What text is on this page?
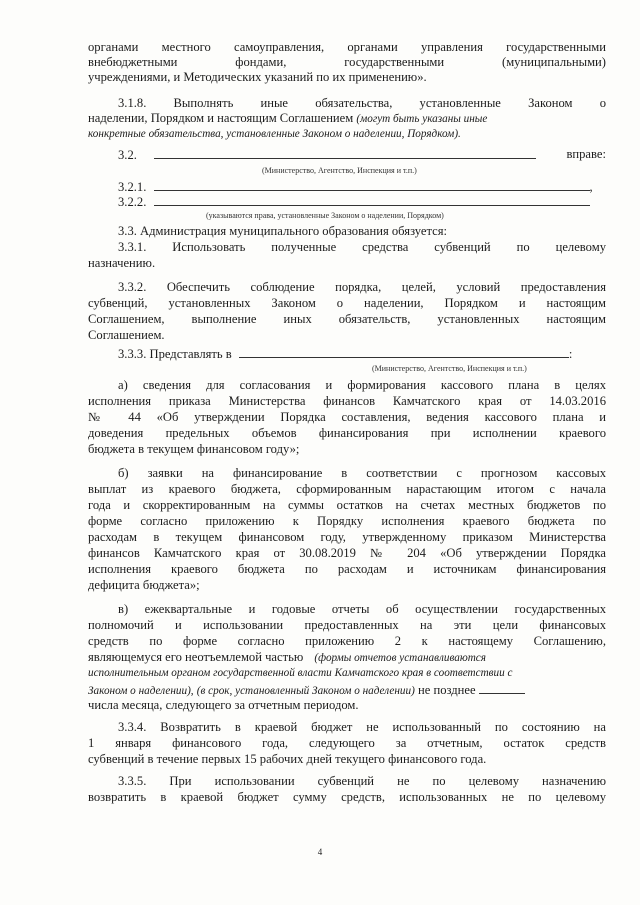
органами местного самоуправления, органами управления государственными
внебюджетными фондами, государственными (муниципальными)
учреждениями, и Методических указаний по их применению».
3.1.8. Выполнять иные обязательства, установленные Законом о
наделении, Порядком и настоящим Соглашением (могут быть указаны иные
конкретные обязательства, установленные Законом о наделении, Порядком).
3.2.	вправе:
(Министерство, Агентство, Инспекция и т.п.)
3.2.1.	,
3.2.2.
(указываются права, установленные Законом о наделении, Порядком)
3.3. Администрация муниципального образования обязуется:
3.3.1. Использовать полученные средства субвенций по целевому
назначению.
3.3.2. Обеспечить соблюдение порядка, целей, условий предоставления
субвенций, установленных Законом о наделении, Порядком и настоящим
Соглашением, выполнение иных обязательств, установленных настоящим
Соглашением.
3.3.3. Представлять в	:
(Министерство, Агентство, Инспекция и т.п.)
а) сведения для согласования и формирования кассового плана в целях
исполнения приказа Министерства финансов Камчатского края от 14.03.2016
№ 44 «Об утверждении Порядка составления, ведения кассового плана и
доведения предельных объемов финансирования при исполнении краевого
бюджета в текущем финансовом году»;
б) заявки на финансирование в соответствии с прогнозом кассовых
выплат из краевого бюджета, сформированным нарастающим итогом с начала
года и скорректированным на суммы остатков на счетах местных бюджетов по
форме согласно приложению к Порядку исполнения краевого бюджета по
расходам в текущем финансовом году, утвержденному приказом Министерства
финансов Камчатского края от 30.08.2019 № 204 «Об утверждении Порядка
исполнения краевого бюджета по расходам и источникам финансирования
дефицита бюджета»;
в) ежеквартальные и годовые отчеты об осуществлении государственных
полномочий и использовании предоставленных на эти цели финансовых
средств по форме согласно приложению 2 к настоящему Соглашению,
являющемуся его неотъемлемой частью (формы отчетов устанавливаются
исполнительным органом государственной власти Камчатского края в соответствии с
Законом о наделении), (в срок, установленный Законом о наделении) не позднее
числа месяца, следующего за отчетным периодом.
3.3.4. Возвратить в краевой бюджет не использованный по состоянию на
1 января финансового года, следующего за отчетным, остаток средств
субвенций в течение первых 15 рабочих дней текущего финансового года.
3.3.5. При использовании субвенций не по целевому назначению
возвратить в краевой бюджет сумму средств, использованных не по целевому
4
